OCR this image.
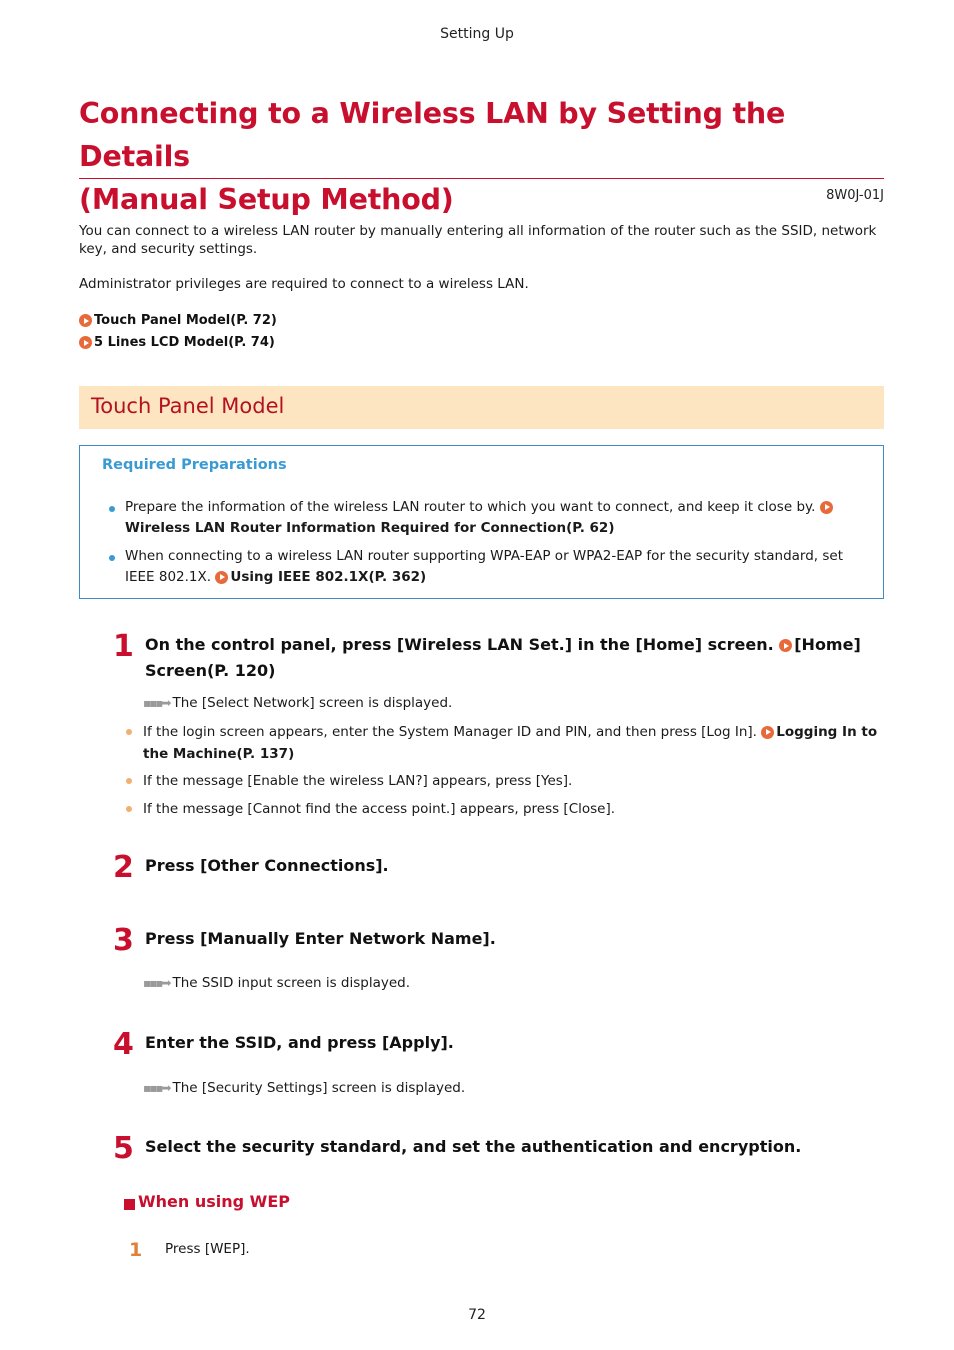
Setting Up
Connecting to a Wireless LAN by Setting the Details
(Manual Setup Method)	8W0J-01J
You can connect to a wireless LAN router by manually entering all information of the router such as the SSID, network key, and security settings.
Administrator privileges are required to connect to a wireless LAN.
Touch Panel Model(P. 72)
5 Lines LCD Model(P. 74)
Touch Panel Model
Required Preparations
Prepare the information of the wireless LAN router to which you want to connect, and keep it close by.
Wireless LAN Router Information Required for Connection(P. 62)
When connecting to a wireless LAN router supporting WPA-EAP or WPA2-EAP for the security standard, set IEEE 802.1X. Using IEEE 802.1X(P. 362)
1 On the control panel, press [Wireless LAN Set.] in the [Home] screen. [Home] Screen(P. 120)
▪▪▪➡ The [Select Network] screen is displayed.
If the login screen appears, enter the System Manager ID and PIN, and then press [Log In]. Logging In to the Machine(P. 137)
If the message [Enable the wireless LAN?] appears, press [Yes].
If the message [Cannot find the access point.] appears, press [Close].
2 Press [Other Connections].
3 Press [Manually Enter Network Name].
▪▪▪➡ The SSID input screen is displayed.
4 Enter the SSID, and press [Apply].
▪▪▪➡ The [Security Settings] screen is displayed.
5 Select the security standard, and set the authentication and encryption.
When using WEP
1 Press [WEP].
72
